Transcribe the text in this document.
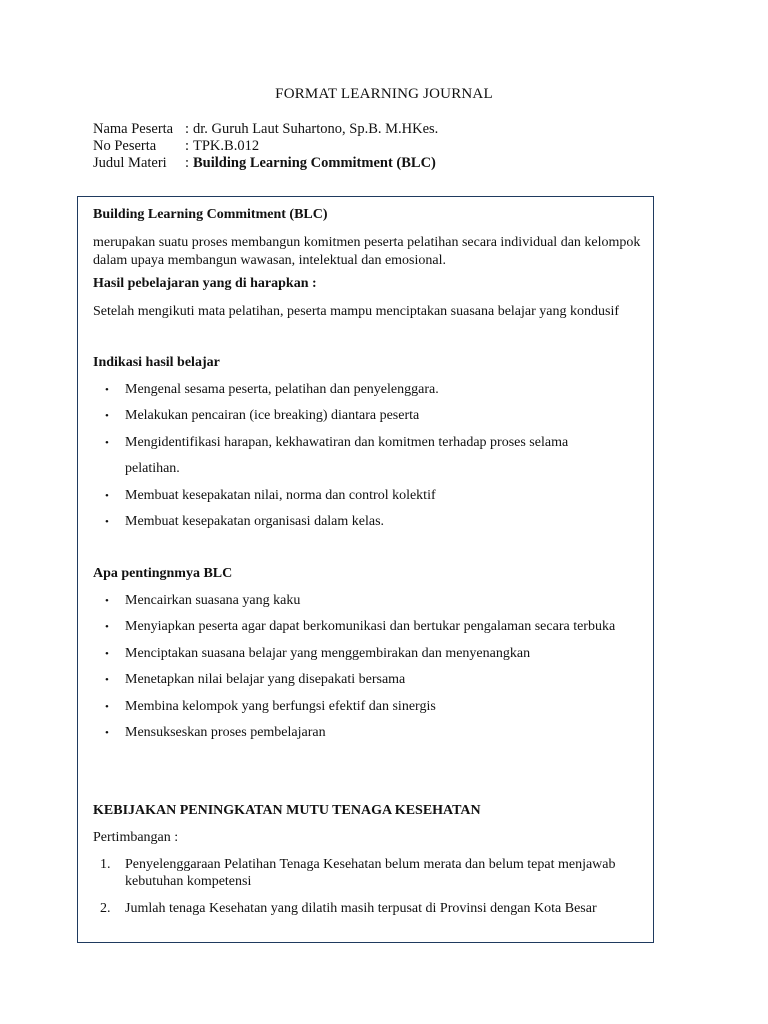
FORMAT LEARNING JOURNAL
Nama Peserta : dr. Guruh Laut Suhartono, Sp.B. M.HKes.
No Peserta	: TPK.B.012
Judul Materi	: Building Learning Commitment (BLC)
Building Learning Commitment (BLC)
merupakan suatu proses membangun komitmen peserta pelatihan secara individual dan kelompok
dalam upaya membangun wawasan, intelektual dan emosional.
Hasil pebelajaran yang di harapkan :
Setelah mengikuti mata pelatihan, peserta mampu menciptakan suasana belajar yang kondusif
Indikasi hasil belajar
• Mengenal sesama peserta, pelatihan dan penyelenggara.
• Melakukan pencairan (ice breaking) diantara peserta
• Mengidentifikasi harapan, kekhawatiran dan komitmen terhadap proses selama pelatihan.
• Membuat kesepakatan nilai, norma dan control kolektif
• Membuat kesepakatan organisasi dalam kelas.
Apa pentingnmya BLC
• Mencairkan suasana yang kaku
• Menyiapkan peserta agar dapat berkomunikasi dan bertukar pengalaman secara terbuka
• Menciptakan suasana belajar yang menggembirakan dan menyenangkan
• Menetapkan nilai belajar yang disepakati bersama
• Membina kelompok yang berfungsi efektif dan sinergis
• Mensukseskan proses pembelajaran
KEBIJAKAN PENINGKATAN MUTU TENAGA KESEHATAN
Pertimbangan :
1. Penyelenggaraan Pelatihan Tenaga Kesehatan belum merata dan belum tepat menjawab kebutuhan kompetensi
2. Jumlah tenaga Kesehatan yang dilatih masih terpusat di Provinsi dengan Kota Besar
